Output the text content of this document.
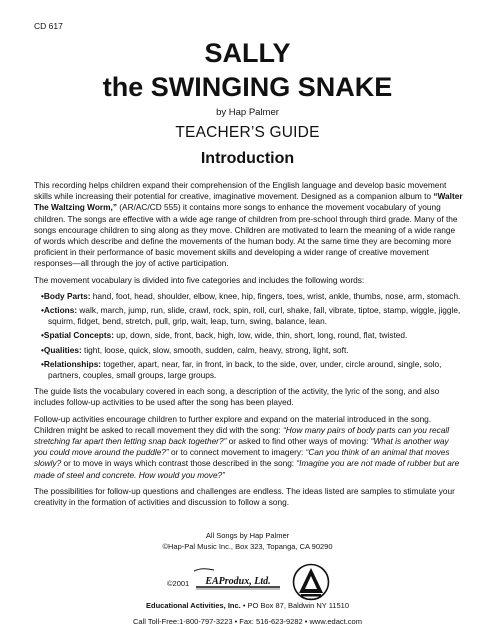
CD 617
SALLY
the SWINGING SNAKE
by Hap Palmer
TEACHER’S GUIDE
Introduction

This recording helps children expand their comprehension of the English language and develop basic movement skills while increasing their potential for creative, imaginative movement. Designed as a companion album to “Walter The Waltzing Worm,” (AR/AC/CD 555) it contains more songs to enhance the movement vocabulary of young children. The songs are effective with a wide age range of children from pre-school through third grade. Many of the songs encourage children to sing along as they move. Children are motivated to learn the meaning of a wide range of words which describe and define the movements of the human body. At the same time they are becoming more proficient in their performance of basic movement skills and developing a wider range of creative movement responses—all through the joy of active participation.

The movement vocabulary is divided into five categories and includes the following words:

•Body Parts: hand, foot, head, shoulder, elbow, knee, hip, fingers, toes, wrist, ankle, thumbs, nose, arm, stomach.
•Actions: walk, march, jump, run, slide, crawl, rock, spin, roll, curl, shake, fall, vibrate, tiptoe, stamp, wiggle, jiggle, squirm, fidget, bend, stretch, pull, grip, wait, leap, turn, swing, balance, lean.
•Spatial Concepts: up, down, side, front, back, high, low, wide, thin, short, long, round, flat, twisted.
•Qualities: tight, loose, quick, slow, smooth, sudden, calm, heavy, strong, light, soft.
•Relationships: together, apart, near, far, in front, in back, to the side, over, under, circle around, single, solo, partners, couples, small groups, large groups.

The guide lists the vocabulary covered in each song, a description of the activity, the lyric of the song, and also includes follow-up activities to be used after the song has been played.

Follow-up activities encourage children to further explore and expand on the material introduced in the song. Children might be asked to recall movement they did with the song: “How many pairs of body parts can you recall stretching far apart then letting snap back together?” or asked to find other ways of moving: “What is another way you could move around the puddle?” or to connect movement to imagery: “Can you think of an animal that moves slowly? or to move in ways which contrast those described in the song: “Imagine you are not made of rubber but are made of steel and concrete. How would you move?”

The possibilities for follow-up questions and challenges are endless. The ideas listed are samples to stimulate your creativity in the formation of activities and discussion to follow a song.

All Songs by Hap Palmer
©Hap-Pal Music Inc., Box 323, Topanga, CA 90290
©2001 EAProdux, Ltd.
EA
Educational Activities, Inc. • PO Box 87, Baldwin NY 11510
Call Toll-Free:1-800-797-3223 • Fax: 516-623-9282 • www.edact.com
